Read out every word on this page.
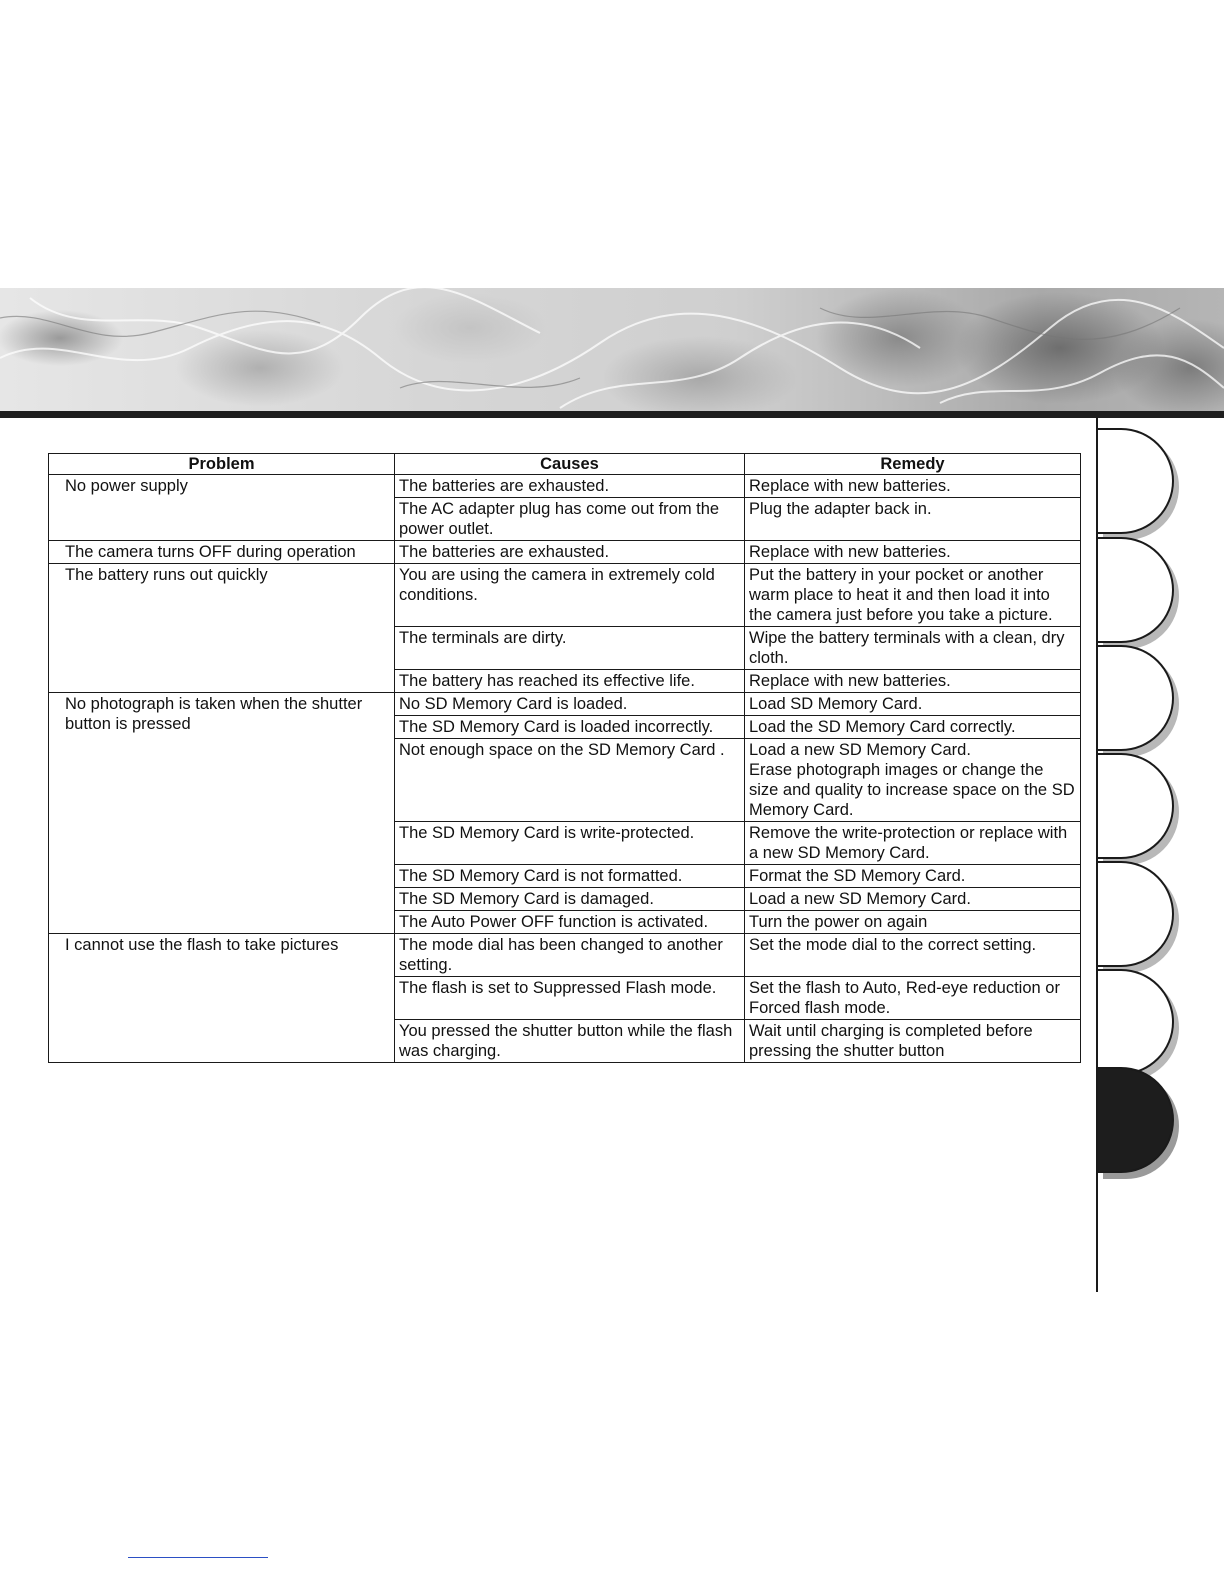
Problem	Causes	Remedy
No power supply	The batteries are exhausted.	Replace with new batteries.
	The AC adapter plug has come out from the power outlet.	Plug the adapter back in.
The camera turns OFF during operation	The batteries are exhausted.	Replace with new batteries.
The battery runs out quickly	You are using the camera in extremely cold conditions.	Put the battery in your pocket or another warm place to heat it and then load it into the camera just before you take a picture.
	The terminals are dirty.	Wipe the battery terminals with a clean, dry cloth.
	The battery has reached its effective life.	Replace with new batteries.
No photograph is taken when the shutter button is pressed	No SD Memory Card is loaded.	Load SD Memory Card.
	The SD Memory Card is loaded incorrectly.	Load the SD Memory Card correctly.
	Not enough space on the SD Memory Card .	Load a new SD Memory Card.
Erase photograph images or change the size and quality to increase space on the SD Memory Card.

	The SD Memory Card is write-protected.	Remove the write-protection or replace with a new SD Memory Card.
	The SD Memory Card is not formatted.	Format the SD Memory Card.
	The SD Memory Card is damaged.	Load a new SD Memory Card.
	The Auto Power OFF function is activated.	Turn the power on again
I cannot use the flash to take pictures	The mode dial has been changed to another setting.	Set the mode dial to the correct setting.
	The flash is set to Suppressed Flash mode.	Set the flash to Auto, Red-eye reduction or Forced flash mode.
	You pressed the shutter button while the flash was charging.	Wait until charging is completed before pressing the shutter button
